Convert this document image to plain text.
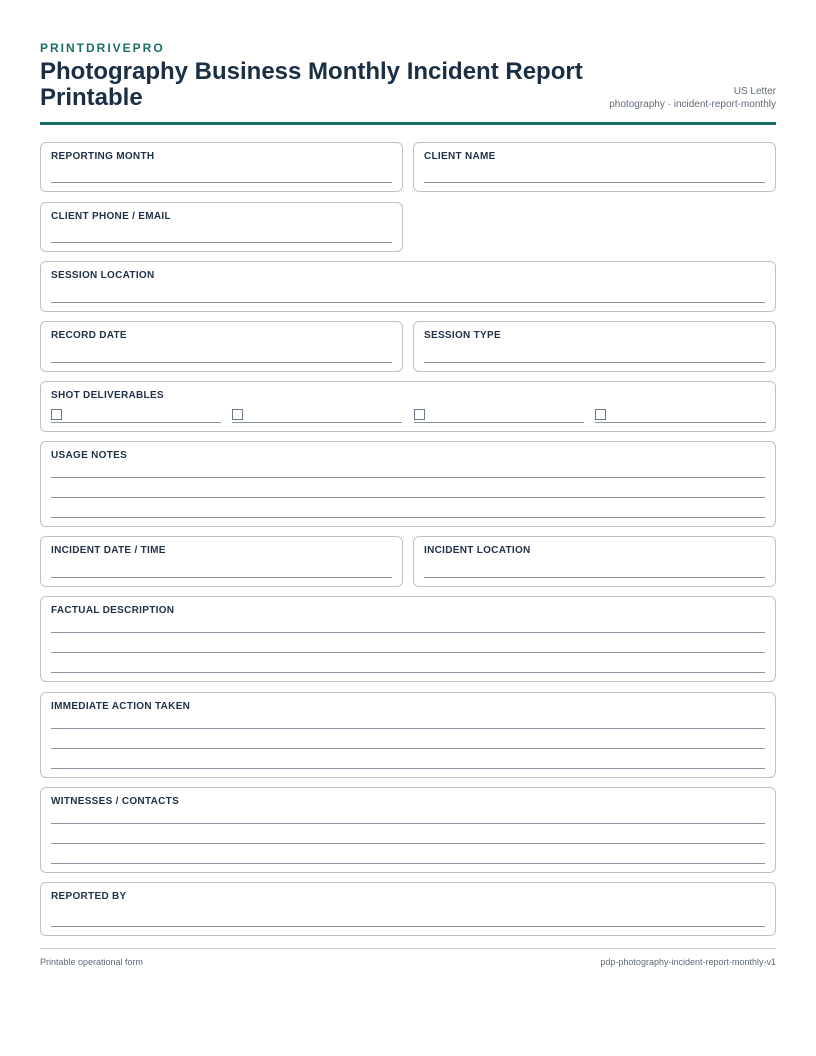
PRINTDRIVEPRO
Photography Business Monthly Incident Report Printable	US Letter
photography · incident-report-monthly
REPORTING MONTH	CLIENT NAME
CLIENT PHONE / EMAIL
SESSION LOCATION
RECORD DATE	SESSION TYPE
SHOT DELIVERABLES
USAGE NOTES
INCIDENT DATE / TIME	INCIDENT LOCATION
FACTUAL DESCRIPTION
IMMEDIATE ACTION TAKEN
WITNESSES / CONTACTS
REPORTED BY
Printable operational form	pdp-photography-incident-report-monthly-v1
